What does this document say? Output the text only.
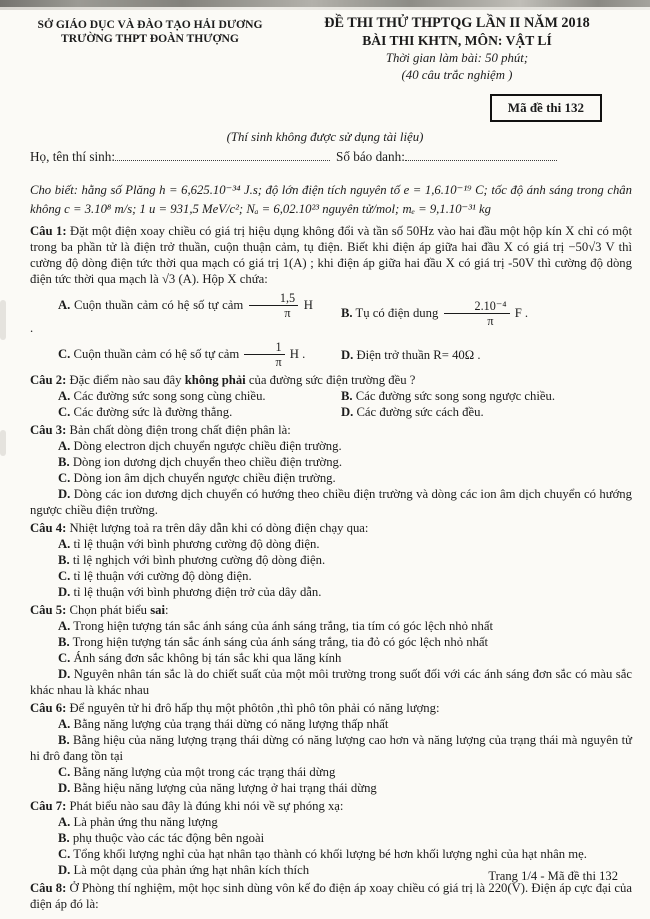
SỞ GIÁO DỤC VÀ ĐÀO TẠO HẢI DƯƠNG
TRƯỜNG THPT ĐOÀN THƯỢNG
ĐỀ THI THỬ THPTQG LẦN II NĂM 2018
BÀI THI KHTN, MÔN: VẬT LÍ
Thời gian làm bài: 50 phút;
(40 câu trắc nghiệm )
Mã đề thi 132
(Thí sinh không được sử dụng tài liệu)
Họ, tên thí sinh:	Số báo danh:

Cho biết: hằng số Plăng h = 6,625.10⁻³⁴ J.s; độ lớn điện tích nguyên tố e = 1,6.10⁻¹⁹ C; tốc độ ánh sáng trong chân không c = 3.10⁸ m/s; 1 u = 931,5 MeV/c²; Nₐ = 6,02.10²³ nguyên tử/mol; mₑ = 9,1.10⁻³¹ kg

Câu 1: Đặt một điện xoay chiều có giá trị hiệu dụng không đổi và tần số 50Hz vào hai đầu một hộp kín X chỉ có một trong ba phần tử là điện trở thuần, cuộn thuận cảm, tụ điện. Biết khi điện áp giữa hai đầu X có giá trị −50√3 V thì cường độ dòng điện tức thời qua mạch có giá trị 1(A) ; khi điện áp giữa hai đầu X có giá trị -50V thì cường độ dòng điện tức thời qua mạch là √3 (A). Hộp X chứa:

A. Cuộn thuần cảm có hệ số tự cảm $\frac{1,5}{\pi}$ H .
B. Tụ có điện dung $\frac{\text{2.10⁻⁴}}{\pi}$ F .
C. Cuộn thuần cảm có hệ số tự cảm $\frac{1}{\pi}$ H .	D. Điện trở thuần R= 40Ω .

Câu 2: Đặc điểm nào sau đây không phải của đường sức điện trường đều ?

A. Các đường sức song song cùng chiều.	B. Các đường sức song song ngược chiều.
C. Các đường sức là đường thẳng.	D. Các đường sức cách đều.

Câu 3: Bản chất dòng điện trong chất điện phân là:

A. Dòng electron dịch chuyển ngược chiều điện trường.

B. Dòng ion dương dịch chuyển theo chiều điện trường.

C. Dòng ion âm dịch chuyển ngược chiều điện trường.

D. Dòng các ion dương dịch chuyển có hướng theo chiều điện trường và dòng các ion âm dịch chuyển có hướng ngược chiều điện trường.

Câu 4: Nhiệt lượng toả ra trên dây dẫn khi có dòng điện chạy qua:

A. tỉ lệ thuận với bình phương cường độ dòng điện.

B. tỉ lệ nghịch với bình phương cường độ dòng điện.

C. tỉ lệ thuận với cường độ dòng điện.

D. tỉ lệ thuận với bình phương điện trở của dây dẫn.

Câu 5: Chọn phát biểu sai:

A. Trong hiện tượng tán sắc ánh sáng của ánh sáng trắng, tia tím có góc lệch nhỏ nhất

B. Trong hiện tượng tán sắc ánh sáng của ánh sáng trắng, tia đỏ có góc lệch nhỏ nhất

C. Ánh sáng đơn sắc không bị tán sắc khi qua lăng kính

D. Nguyên nhân tán sắc là do chiết suất của một môi trường trong suốt đối với các ánh sáng đơn sắc có màu sắc khác nhau là khác nhau

Câu 6: Để nguyên tử hi đrô hấp thụ một phôtôn ,thì phô tôn phải có năng lượng:

A. Bằng năng lượng của trạng thái dừng có năng lượng thấp nhất

B. Bằng hiệu của năng lượng trạng thái dừng có năng lượng cao hơn và năng lượng của trạng thái mà nguyên tử hi đrô đang tồn tại

C. Bằng năng lượng của một trong các trạng thái dừng

D. Bằng hiệu năng lượng của năng lượng ở hai trạng thái dừng

Câu 7: Phát biểu nào sau đây là đúng khi nói về sự phóng xạ:

A. Là phản ứng thu năng lượng

B. phụ thuộc vào các tác động bên ngoài

C. Tổng khối lượng nghỉ của hạt nhân tạo thành có khối lượng bé hơn khối lượng nghỉ của hạt nhân mẹ.

D. Là một dạng của phản ứng hạt nhân kích thích

Câu 8: Ở Phòng thí nghiệm, một học sinh dùng vôn kế đo điện áp xoay chiều có giá trị là 220(V). Điện áp cực đại của điện áp đó là:

Trang 1/4 - Mã đề thi 132
